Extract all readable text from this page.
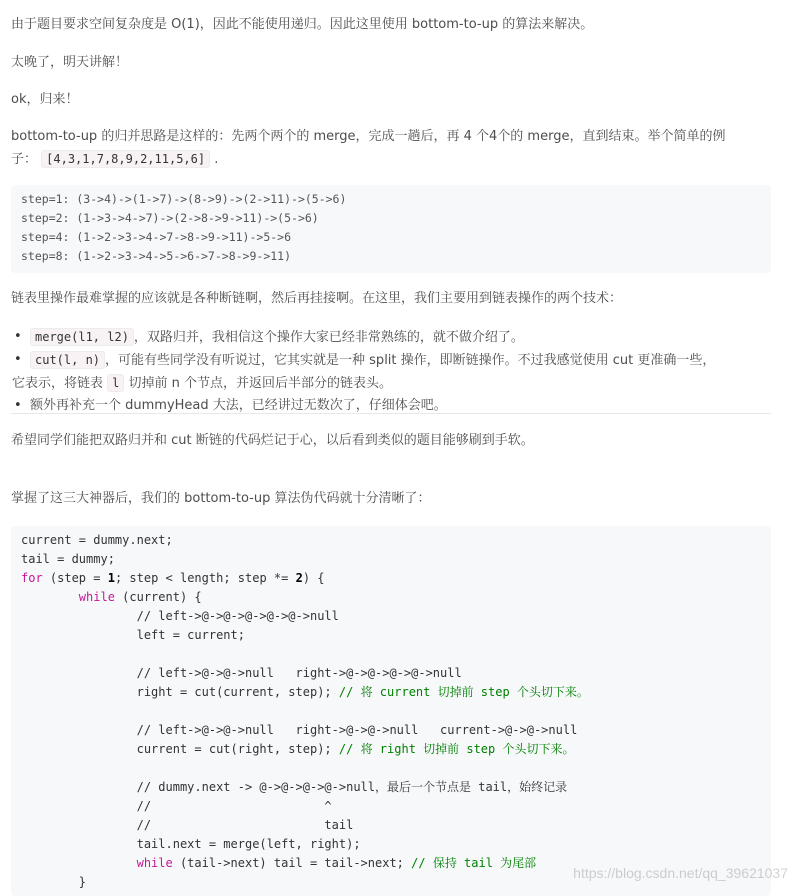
由于题目要求空间复杂度是 O(1)，因此不能使用递归。因此这里使用 bottom-to-up 的算法来解决。

太晚了，明天讲解！

ok，归来！

bottom-to-up 的归并思路是这样的：先两个两个的 merge，完成一趟后，再 4 个4个的 merge，直到结束。举个简单的例

子： [4,3,1,7,8,9,2,11,5,6] .

step=1: (3->4)->(1->7)->(8->9)->(2->11)->(5->6)
step=2: (1->3->4->7)->(2->8->9->11)->(5->6)
step=4: (1->2->3->4->7->8->9->11)->5->6
step=8: (1->2->3->4->5->6->7->8->9->11)

链表里操作最难掌握的应该就是各种断链啊，然后再挂接啊。在这里，我们主要用到链表操作的两个技术：

• merge(l1, l2) ，双路归并，我相信这个操作大家已经非常熟练的，就不做介绍了。
• cut(l, n) ，可能有些同学没有听说过，它其实就是一种 split 操作，即断链操作。不过我感觉使用 cut 更准确一些，
它表示，将链表 l 切掉前 n 个节点，并返回后半部分的链表头。
• 额外再补充一个 dummyHead 大法，已经讲过无数次了，仔细体会吧。

希望同学们能把双路归并和 cut 断链的代码烂记于心，以后看到类似的题目能够刷到手软。

掌握了这三大神器后，我们的 bottom-to-up 算法伪代码就十分清晰了：

current = dummy.next;
tail = dummy;
for (step = 1; step < length; step *= 2) {
while (current) {
// left->@->@->@->@->@->null
left = current;

// left->@->@->null   right->@->@->@->@->null
right = cut(current, step); // 将 current 切掉前 step 个头切下来。

// left->@->@->null   right->@->@->null   current->@->@->null
current = cut(right, step); // 将 right 切掉前 step 个头切下来。

// dummy.next -> @->@->@->@->null，最后一个节点是 tail，始终记录
//                        ^
//                        tail
tail.next = merge(left, right);
while (tail->next) tail = tail->next; // 保持 tail 为尾部
}
https://blog.csdn.net/qq_39621037
